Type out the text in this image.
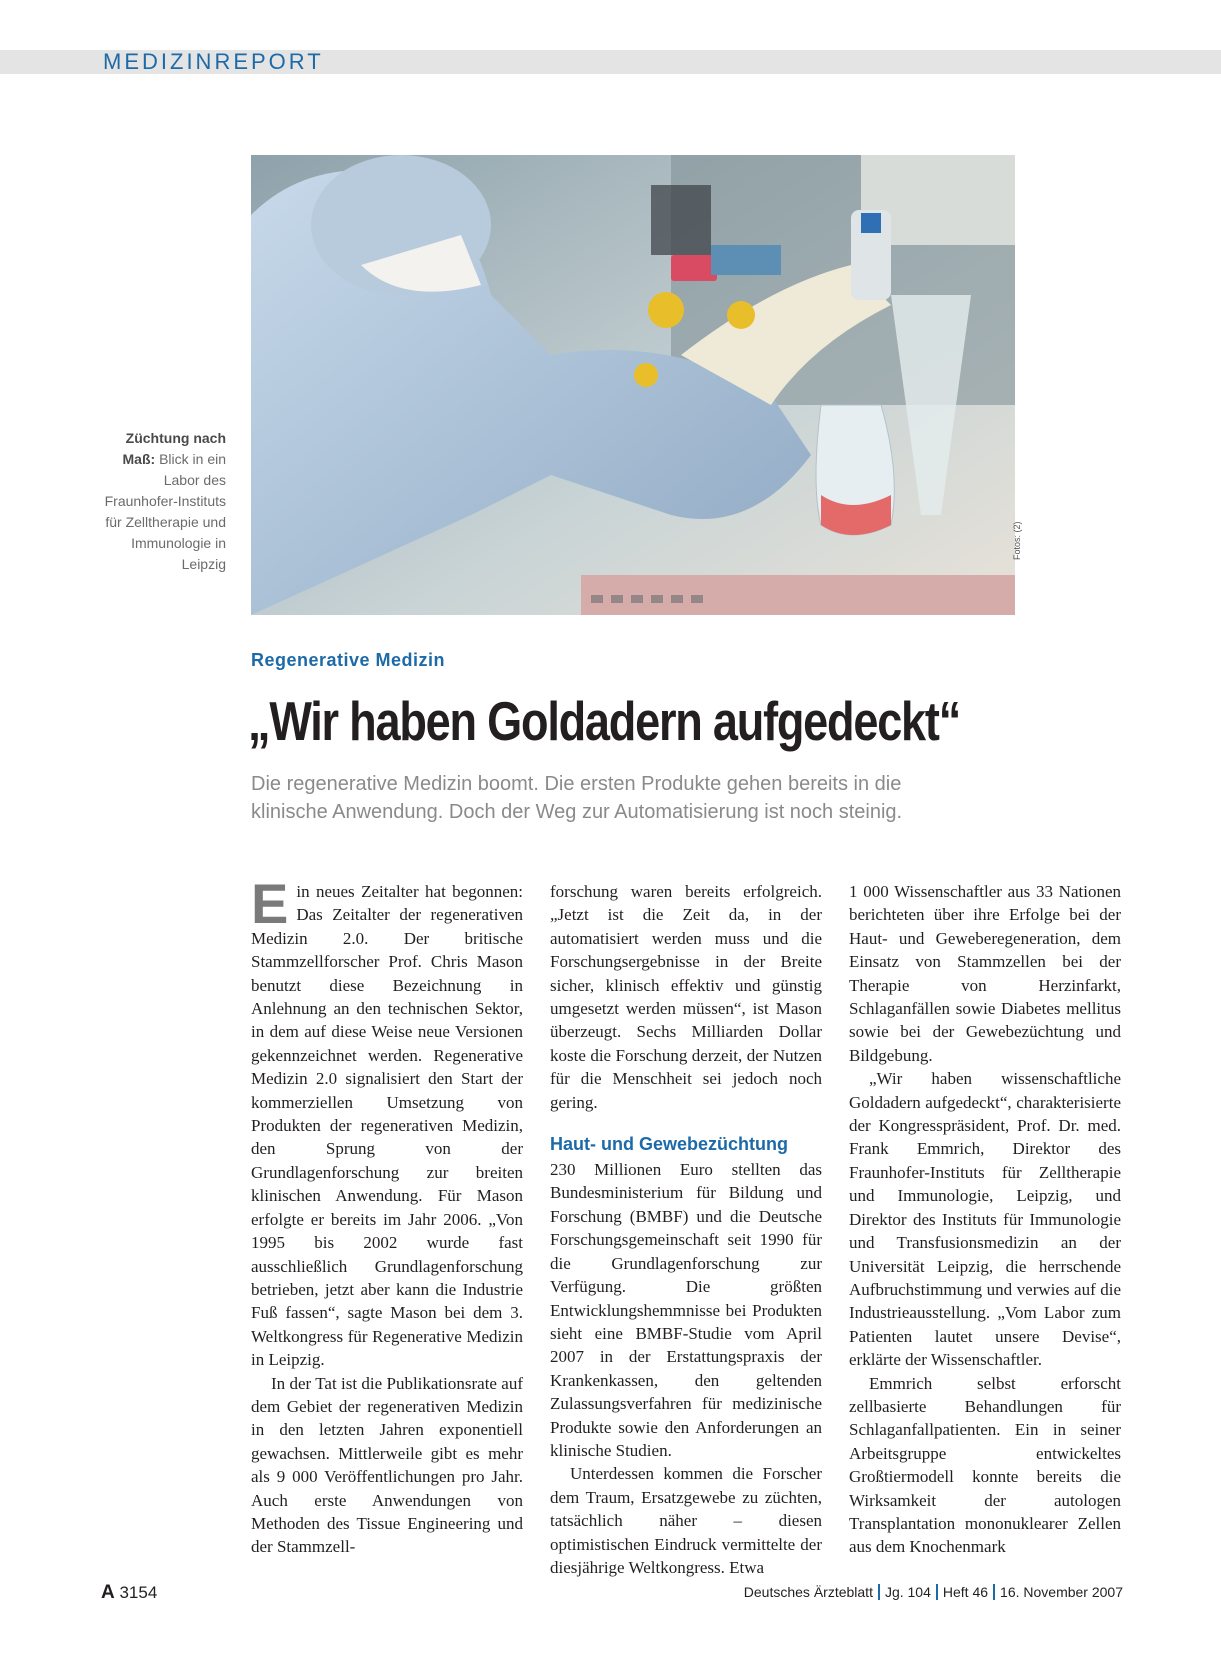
MEDIZINREPORT
Fotos: (2)
Züchtung nach Maß: Blick in ein Labor des Fraunhofer-Instituts für Zelltherapie und Immunologie in Leipzig
Regenerative Medizin
„Wir haben Goldadern aufgedeckt“

Die regenerative Medizin boomt. Die ersten Produkte gehen bereits in die

klinische Anwendung. Doch der Weg zur Automatisierung ist noch steinig.

E in neues Zeitalter hat begonnen: Das Zeitalter der regenerativen Medizin 2.0. Der britische Stammzellforscher Prof. Chris Mason benutzt diese Bezeichnung in Anlehnung an den technischen Sektor, in dem auf diese Weise neue Versionen gekennzeichnet werden. Regenerative Medizin 2.0 signalisiert den Start der kommerziellen Umsetzung von Produkten der regenerativen Medizin, den Sprung von der Grundlagenforschung zur breiten klinischen Anwendung. Für Mason erfolgte er bereits im Jahr 2006. „Von 1995 bis 2002 wurde fast ausschließlich Grundlagenforschung betrieben, jetzt aber kann die Industrie Fuß fassen“, sagte Mason bei dem 3. Weltkongress für Regenerative Medizin in Leipzig.

In der Tat ist die Publikationsrate auf dem Gebiet der regenerativen Medizin in den letzten Jahren exponentiell gewachsen. Mittlerweile gibt es mehr als 9 000 Veröffentlichungen pro Jahr. Auch erste Anwendungen von Methoden des Tissue Engineering und der Stammzell-

forschung waren bereits erfolgreich. „Jetzt ist die Zeit da, in der automatisiert werden muss und die Forschungsergebnisse in der Breite sicher, klinisch effektiv und günstig umgesetzt werden müssen“, ist Mason überzeugt. Sechs Milliarden Dollar koste die Forschung derzeit, der Nutzen für die Menschheit sei jedoch noch gering.

Haut- und Gewebezüchtung

230 Millionen Euro stellten das Bundesministerium für Bildung und Forschung (BMBF) und die Deutsche Forschungsgemeinschaft seit 1990 für die Grundlagenforschung zur Verfügung. Die größten Entwicklungshemmnisse bei Produkten sieht eine BMBF-Studie vom April 2007 in der Erstattungspraxis der Krankenkassen, den geltenden Zulassungsverfahren für medizinische Produkte sowie den Anforderungen an klinische Studien.

Unterdessen kommen die Forscher dem Traum, Ersatzgewebe zu züchten, tatsächlich näher – diesen optimistischen Eindruck vermittelte der diesjährige Weltkongress. Etwa

1 000 Wissenschaftler aus 33 Nationen berichteten über ihre Erfolge bei der Haut- und Geweberegeneration, dem Einsatz von Stammzellen bei der Therapie von Herzinfarkt, Schlaganfällen sowie Diabetes mellitus sowie bei der Gewebezüchtung und Bildgebung.

„Wir haben wissenschaftliche Goldadern aufgedeckt“, charakterisierte der Kongresspräsident, Prof. Dr. med. Frank Emmrich, Direktor des Fraunhofer-Instituts für Zelltherapie und Immunologie, Leipzig, und Direktor des Instituts für Immunologie und Transfusionsmedizin an der Universität Leipzig, die herrschende Aufbruchstimmung und verwies auf die Industrieausstellung. „Vom Labor zum Patienten lautet unsere Devise“, erklärte der Wissenschaftler.

Emmrich selbst erforscht zellbasierte Behandlungen für Schlaganfallpatienten. Ein in seiner Arbeitsgruppe entwickeltes Großtiermodell konnte bereits die Wirksamkeit der autologen Transplantation mononuklearer Zellen aus dem Knochenmark

A 3154	Deutsches Ärzteblatt Jg. 104 Heft 46 16. November 2007
